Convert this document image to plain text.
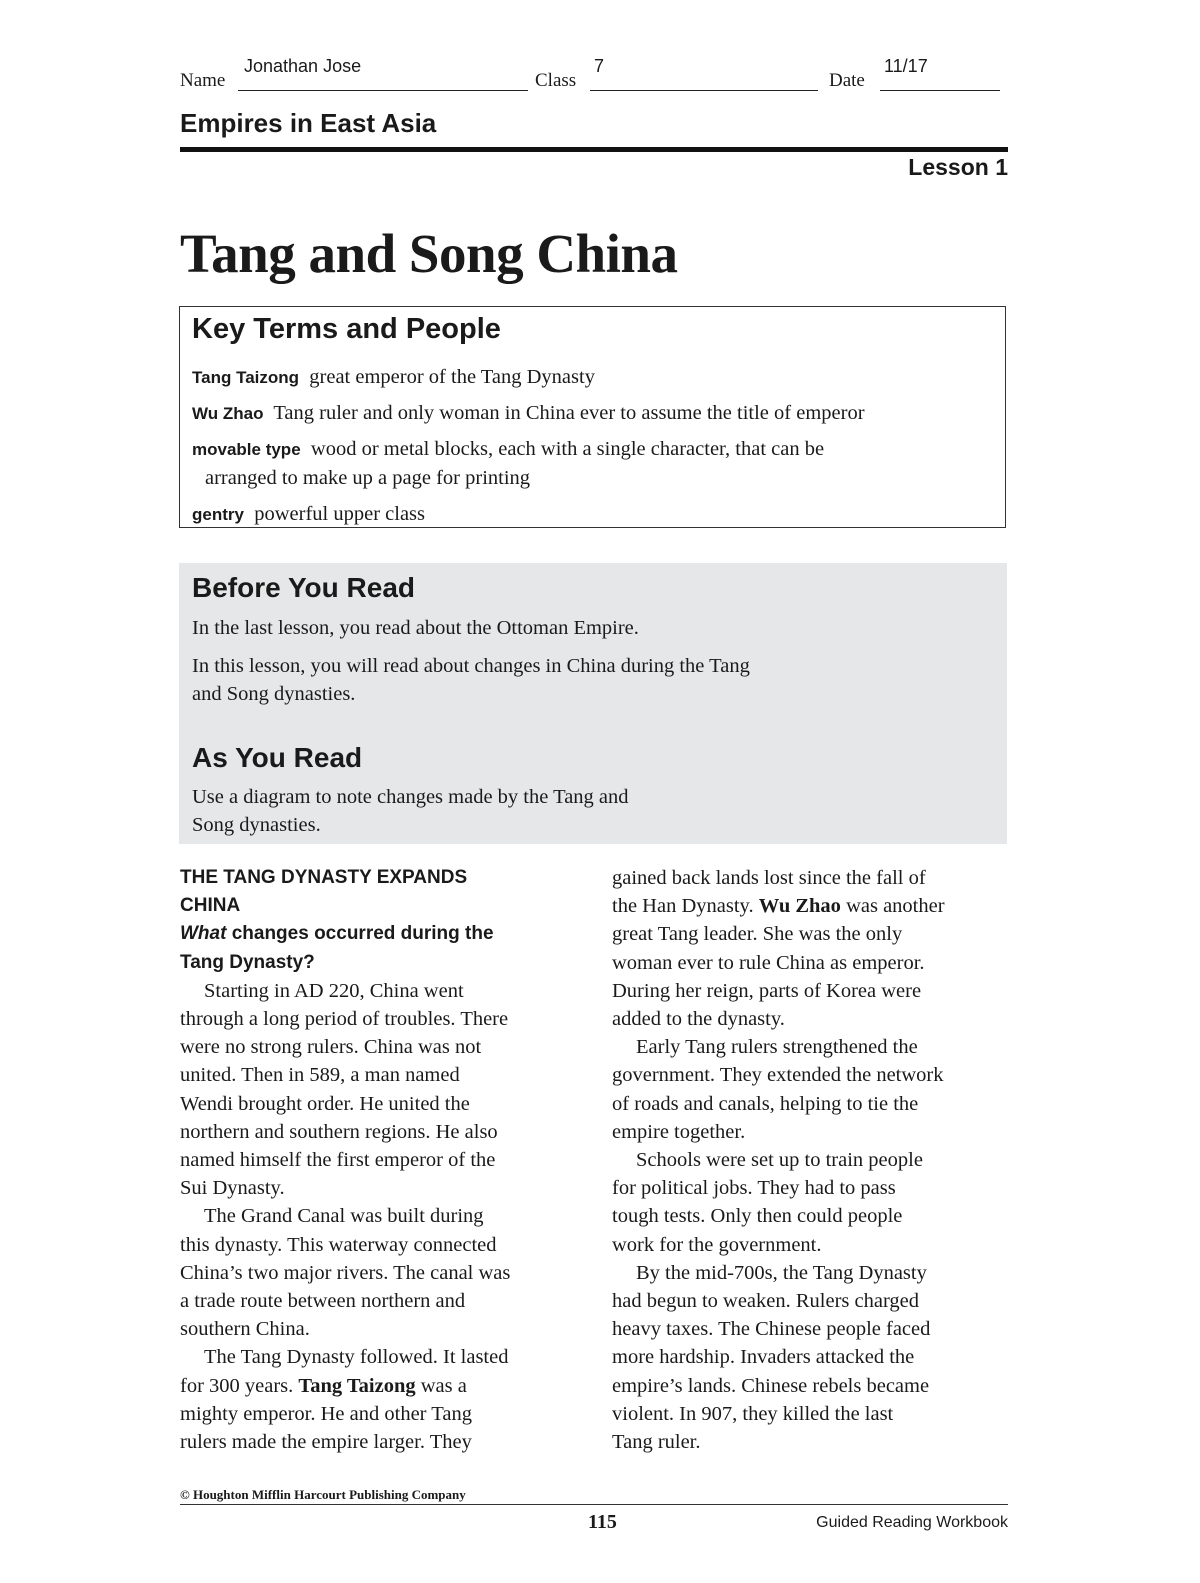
Name
Jonathan Jose
Class
7
Date
11/17
Empires in East Asia
Lesson 1
Tang and Song China
Key Terms and People
Tang Taizong great emperor of the Tang Dynasty
Wu Zhao Tang ruler and only woman in China ever to assume the title of emperor
movable type wood or metal blocks, each with a single character, that can be
arranged to make up a page for printing
gentry powerful upper class
Before You Read
In the last lesson, you read about the Ottoman Empire.
In this lesson, you will read about changes in China during the Tang
and Song dynasties.
As You Read
Use a diagram to note changes made by the Tang and
Song dynasties.
THE TANG DYNASTY EXPANDS
CHINA
What changes occurred during the
Tang Dynasty?

Starting in AD 220, China went

through a long period of troubles. There

were no strong rulers. China was not

united. Then in 589, a man named

Wendi brought order. He united the

northern and southern regions. He also

named himself the first emperor of the

Sui Dynasty.

The Grand Canal was built during

this dynasty. This waterway connected

China’s two major rivers. The canal was

a trade route between northern and

southern China.

The Tang Dynasty followed. It lasted

for 300 years. Tang Taizong was a

mighty emperor. He and other Tang

rulers made the empire larger. They

gained back lands lost since the fall of

the Han Dynasty. Wu Zhao was another

great Tang leader. She was the only

woman ever to rule China as emperor.

During her reign, parts of Korea were

added to the dynasty.

Early Tang rulers strengthened the

government. They extended the network

of roads and canals, helping to tie the

empire together.

Schools were set up to train people

for political jobs. They had to pass

tough tests. Only then could people

work for the government.

By the mid-700s, the Tang Dynasty

had begun to weaken. Rulers charged

heavy taxes. The Chinese people faced

more hardship. Invaders attacked the

empire’s lands. Chinese rebels became

violent. In 907, they killed the last

Tang ruler.

© Houghton Mifflin Harcourt Publishing Company
115	Guided Reading Workbook
